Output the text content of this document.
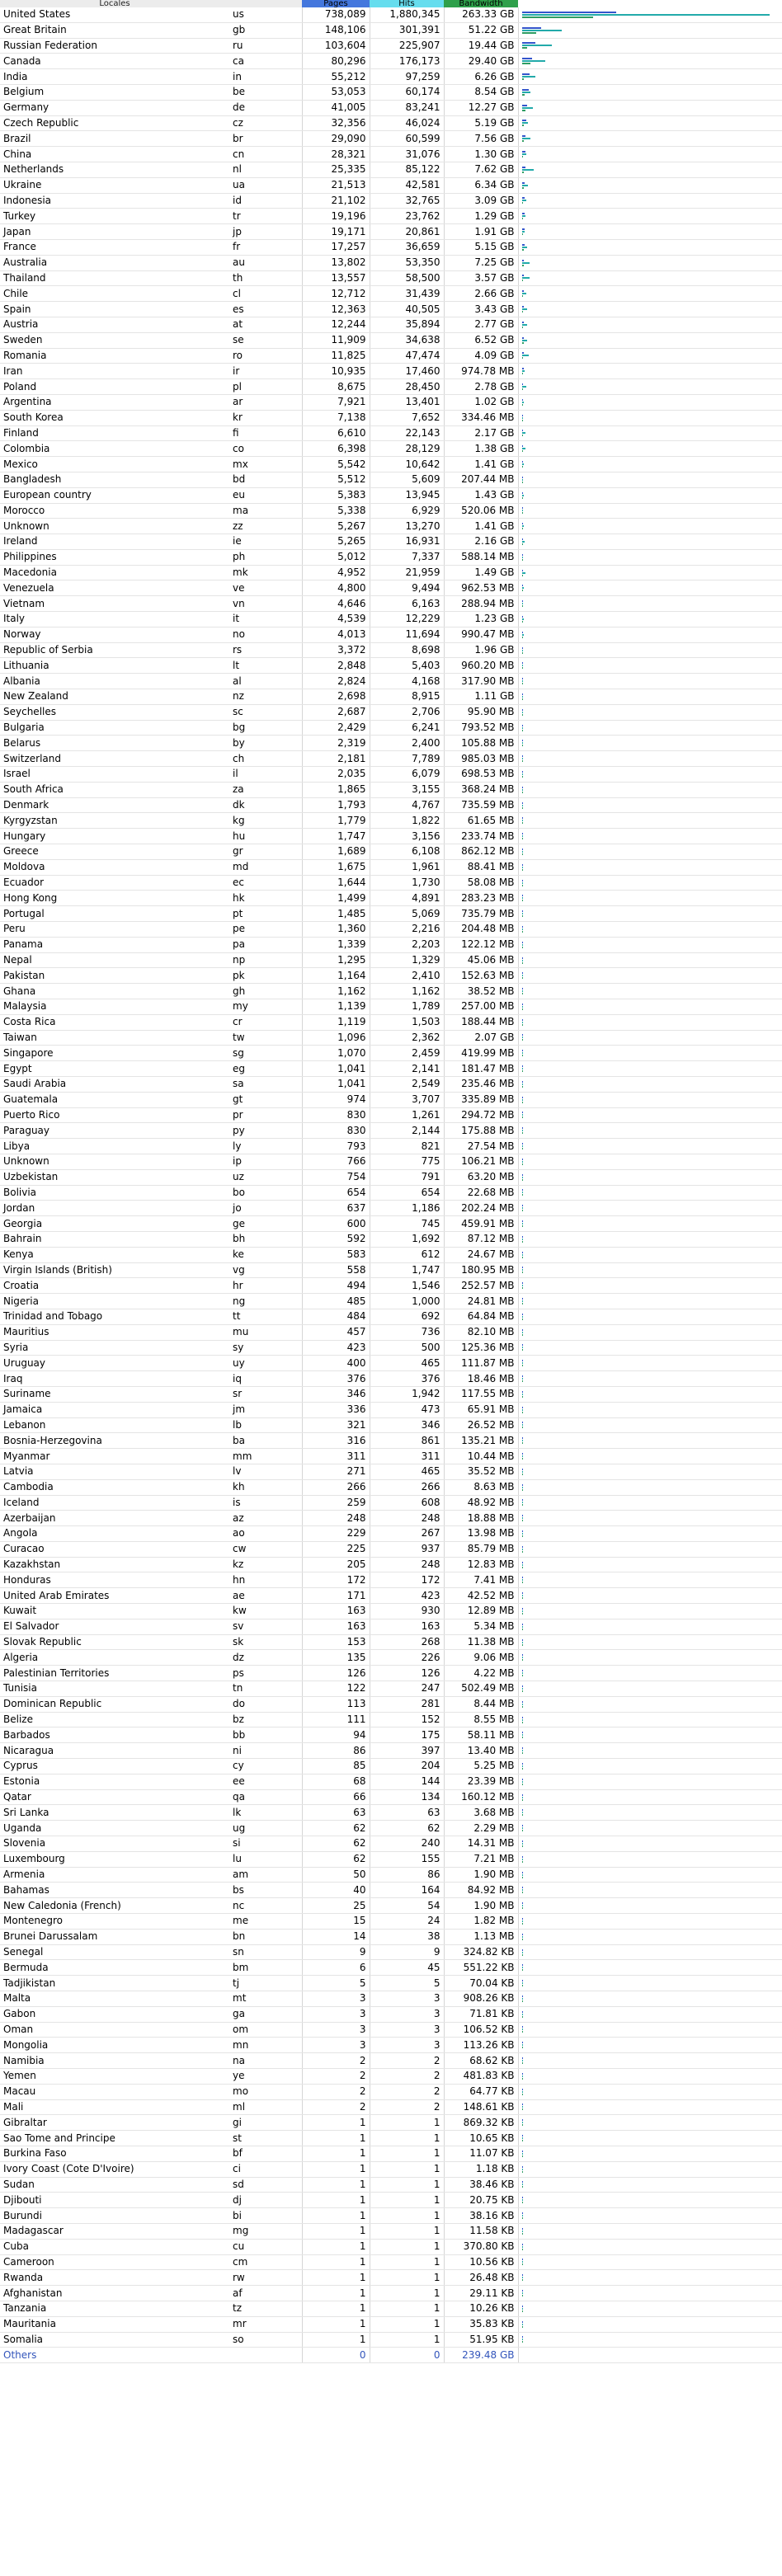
Locales		Pages	Hits	Bandwidth	
United States	us	738,089	1,880,345	263.33 GB	

Great Britain	gb	148,106	301,391	51.22 GB	

Russian Federation	ru	103,604	225,907	19.44 GB	

Canada	ca	80,296	176,173	29.40 GB	

India	in	55,212	97,259	6.26 GB	

Belgium	be	53,053	60,174	8.54 GB	

Germany	de	41,005	83,241	12.27 GB	

Czech Republic	cz	32,356	46,024	5.19 GB	

Brazil	br	29,090	60,599	7.56 GB	

China	cn	28,321	31,076	1.30 GB	

Netherlands	nl	25,335	85,122	7.62 GB	

Ukraine	ua	21,513	42,581	6.34 GB	

Indonesia	id	21,102	32,765	3.09 GB	

Turkey	tr	19,196	23,762	1.29 GB	

Japan	jp	19,171	20,861	1.91 GB	

France	fr	17,257	36,659	5.15 GB	

Australia	au	13,802	53,350	7.25 GB	

Thailand	th	13,557	58,500	3.57 GB	

Chile	cl	12,712	31,439	2.66 GB	

Spain	es	12,363	40,505	3.43 GB	

Austria	at	12,244	35,894	2.77 GB	

Sweden	se	11,909	34,638	6.52 GB	

Romania	ro	11,825	47,474	4.09 GB	

Iran	ir	10,935	17,460	974.78 MB	

Poland	pl	8,675	28,450	2.78 GB	

Argentina	ar	7,921	13,401	1.02 GB	

South Korea	kr	7,138	7,652	334.46 MB	

Finland	fi	6,610	22,143	2.17 GB	

Colombia	co	6,398	28,129	1.38 GB	

Mexico	mx	5,542	10,642	1.41 GB	

Bangladesh	bd	5,512	5,609	207.44 MB	

European country	eu	5,383	13,945	1.43 GB	

Morocco	ma	5,338	6,929	520.06 MB	

Unknown	zz	5,267	13,270	1.41 GB	

Ireland	ie	5,265	16,931	2.16 GB	

Philippines	ph	5,012	7,337	588.14 MB	

Macedonia	mk	4,952	21,959	1.49 GB	

Venezuela	ve	4,800	9,494	962.53 MB	

Vietnam	vn	4,646	6,163	288.94 MB	

Italy	it	4,539	12,229	1.23 GB	

Norway	no	4,013	11,694	990.47 MB	

Republic of Serbia	rs	3,372	8,698	1.96 GB	

Lithuania	lt	2,848	5,403	960.20 MB	

Albania	al	2,824	4,168	317.90 MB	

New Zealand	nz	2,698	8,915	1.11 GB	

Seychelles	sc	2,687	2,706	95.90 MB	

Bulgaria	bg	2,429	6,241	793.52 MB	

Belarus	by	2,319	2,400	105.88 MB	

Switzerland	ch	2,181	7,789	985.03 MB	

Israel	il	2,035	6,079	698.53 MB	

South Africa	za	1,865	3,155	368.24 MB	

Denmark	dk	1,793	4,767	735.59 MB	

Kyrgyzstan	kg	1,779	1,822	61.65 MB	

Hungary	hu	1,747	3,156	233.74 MB	

Greece	gr	1,689	6,108	862.12 MB	

Moldova	md	1,675	1,961	88.41 MB	

Ecuador	ec	1,644	1,730	58.08 MB	

Hong Kong	hk	1,499	4,891	283.23 MB	

Portugal	pt	1,485	5,069	735.79 MB	

Peru	pe	1,360	2,216	204.48 MB	

Panama	pa	1,339	2,203	122.12 MB	

Nepal	np	1,295	1,329	45.06 MB	

Pakistan	pk	1,164	2,410	152.63 MB	

Ghana	gh	1,162	1,162	38.52 MB	

Malaysia	my	1,139	1,789	257.00 MB	

Costa Rica	cr	1,119	1,503	188.44 MB	

Taiwan	tw	1,096	2,362	2.07 GB	

Singapore	sg	1,070	2,459	419.99 MB	

Egypt	eg	1,041	2,141	181.47 MB	

Saudi Arabia	sa	1,041	2,549	235.46 MB	

Guatemala	gt	974	3,707	335.89 MB	

Puerto Rico	pr	830	1,261	294.72 MB	

Paraguay	py	830	2,144	175.88 MB	

Libya	ly	793	821	27.54 MB	

Unknown	ip	766	775	106.21 MB	

Uzbekistan	uz	754	791	63.20 MB	

Bolivia	bo	654	654	22.68 MB	

Jordan	jo	637	1,186	202.24 MB	

Georgia	ge	600	745	459.91 MB	

Bahrain	bh	592	1,692	87.12 MB	

Kenya	ke	583	612	24.67 MB	

Virgin Islands (British)	vg	558	1,747	180.95 MB	

Croatia	hr	494	1,546	252.57 MB	

Nigeria	ng	485	1,000	24.81 MB	

Trinidad and Tobago	tt	484	692	64.84 MB	

Mauritius	mu	457	736	82.10 MB	

Syria	sy	423	500	125.36 MB	

Uruguay	uy	400	465	111.87 MB	

Iraq	iq	376	376	18.46 MB	

Suriname	sr	346	1,942	117.55 MB	

Jamaica	jm	336	473	65.91 MB	

Lebanon	lb	321	346	26.52 MB	

Bosnia-Herzegovina	ba	316	861	135.21 MB	

Myanmar	mm	311	311	10.44 MB	

Latvia	lv	271	465	35.52 MB	

Cambodia	kh	266	266	8.63 MB	

Iceland	is	259	608	48.92 MB	

Azerbaijan	az	248	248	18.88 MB	

Angola	ao	229	267	13.98 MB	

Curacao	cw	225	937	85.79 MB	

Kazakhstan	kz	205	248	12.83 MB	

Honduras	hn	172	172	7.41 MB	

United Arab Emirates	ae	171	423	42.52 MB	

Kuwait	kw	163	930	12.89 MB	

El Salvador	sv	163	163	5.34 MB	

Slovak Republic	sk	153	268	11.38 MB	

Algeria	dz	135	226	9.06 MB	

Palestinian Territories	ps	126	126	4.22 MB	

Tunisia	tn	122	247	502.49 MB	

Dominican Republic	do	113	281	8.44 MB	

Belize	bz	111	152	8.55 MB	

Barbados	bb	94	175	58.11 MB	

Nicaragua	ni	86	397	13.40 MB	

Cyprus	cy	85	204	5.25 MB	

Estonia	ee	68	144	23.39 MB	

Qatar	qa	66	134	160.12 MB	

Sri Lanka	lk	63	63	3.68 MB	

Uganda	ug	62	62	2.29 MB	

Slovenia	si	62	240	14.31 MB	

Luxembourg	lu	62	155	7.21 MB	

Armenia	am	50	86	1.90 MB	

Bahamas	bs	40	164	84.92 MB	

New Caledonia (French)	nc	25	54	1.90 MB	

Montenegro	me	15	24	1.82 MB	

Brunei Darussalam	bn	14	38	1.13 MB	

Senegal	sn	9	9	324.82 KB	

Bermuda	bm	6	45	551.22 KB	

Tadjikistan	tj	5	5	70.04 KB	

Malta	mt	3	3	908.26 KB	

Gabon	ga	3	3	71.81 KB	

Oman	om	3	3	106.52 KB	

Mongolia	mn	3	3	113.26 KB	

Namibia	na	2	2	68.62 KB	

Yemen	ye	2	2	481.83 KB	

Macau	mo	2	2	64.77 KB	

Mali	ml	2	2	148.61 KB	

Gibraltar	gi	1	1	869.32 KB	

Sao Tome and Principe	st	1	1	10.65 KB	

Burkina Faso	bf	1	1	11.07 KB	

Ivory Coast (Cote D'Ivoire)	ci	1	1	1.18 KB	

Sudan	sd	1	1	38.46 KB	

Djibouti	dj	1	1	20.75 KB	

Burundi	bi	1	1	38.16 KB	

Madagascar	mg	1	1	11.58 KB	

Cuba	cu	1	1	370.80 KB	

Cameroon	cm	1	1	10.56 KB	

Rwanda	rw	1	1	26.48 KB	

Afghanistan	af	1	1	29.11 KB	

Tanzania	tz	1	1	10.26 KB	

Mauritania	mr	1	1	35.83 KB	

Somalia	so	1	1	51.95 KB	

Others		0	0	239.48 GB	
